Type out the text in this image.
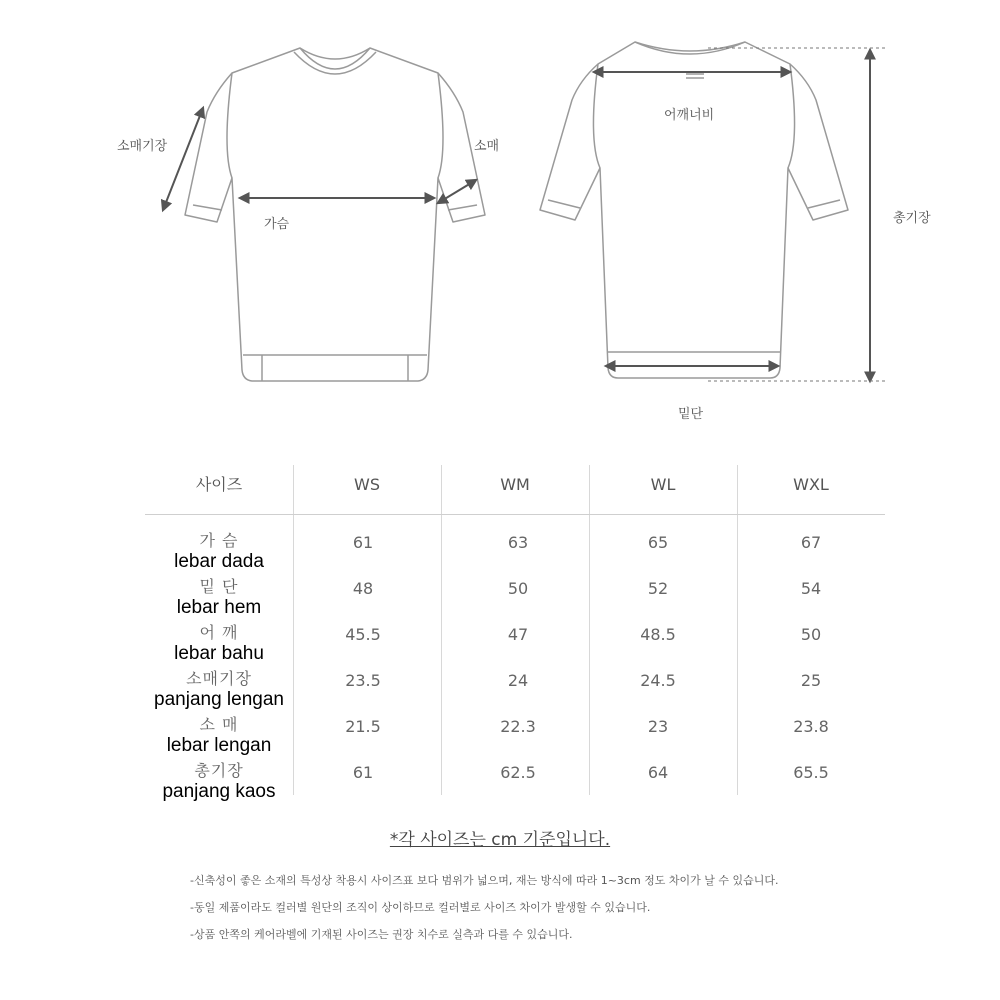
소매기장	소매
가슴
어깨너비
총기장
밑단
사이즈	WS	WM	WL	WXL
가 슴
lebar dada
61	63	65	67
밑 단
lebar hem
48	50	52	54
어 깨
lebar bahu
45.5	47	48.5	50
소매기장
panjang lengan
23.5	24	24.5	25
소 매
lebar lengan
21.5	22.3	23	23.8
총기장
panjang kaos
61	62.5	64	65.5
*각 사이즈는 cm 기준입니다.
-신축성이 좋은 소재의 특성상 착용시 사이즈표 보다 범위가 넓으며, 재는 방식에 따라 1~3cm 정도 차이가 날 수 있습니다.
-동일 제품이라도 컬러별 원단의 조직이 상이하므로 컬러별로 사이즈 차이가 발생할 수 있습니다.
-상품 안쪽의 케어라벨에 기재된 사이즈는 권장 치수로 실측과 다를 수 있습니다.
